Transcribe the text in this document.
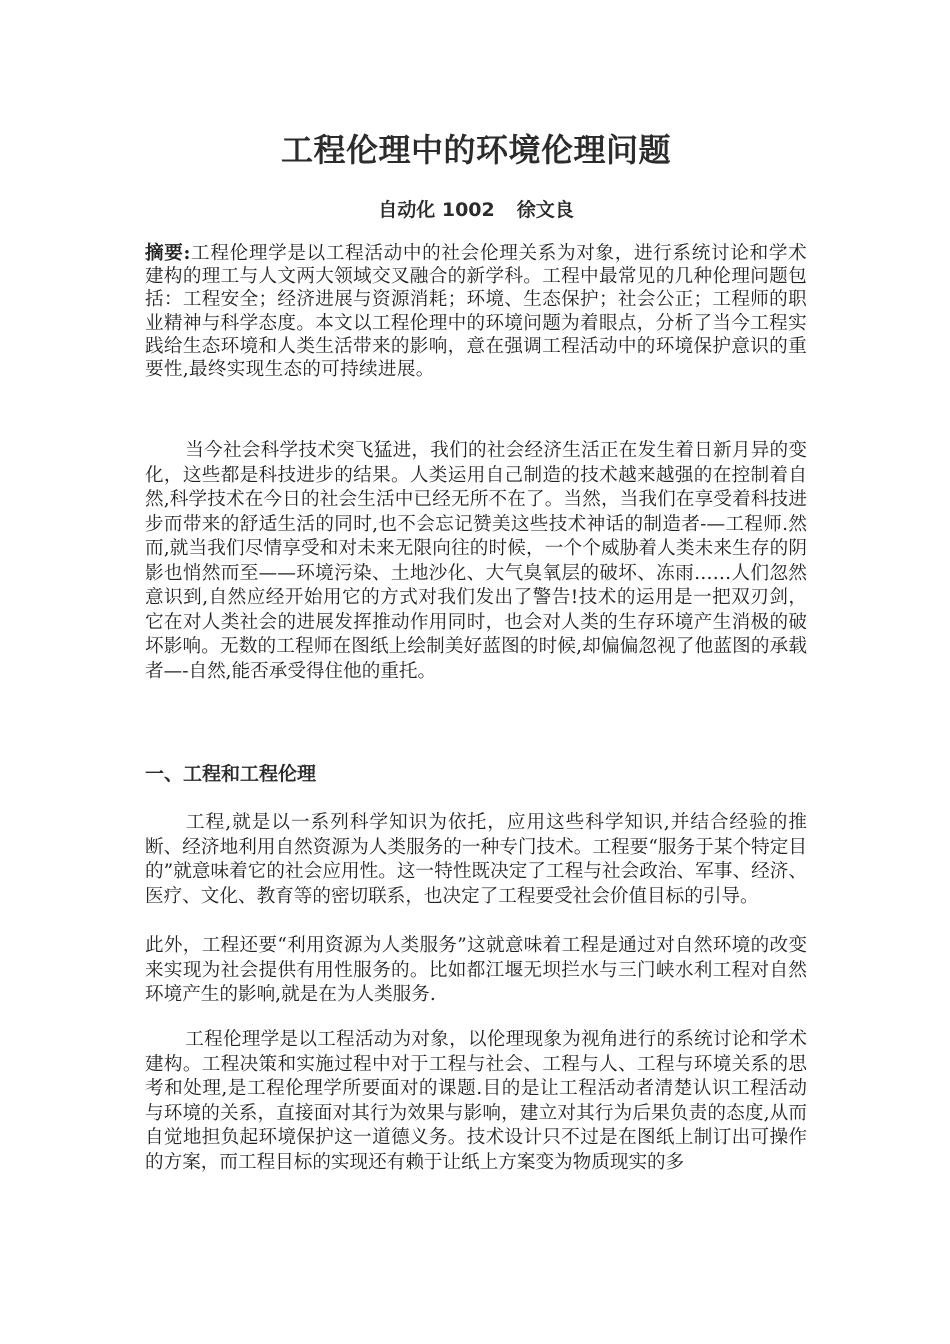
工程伦理中的环境伦理问题
自动化 1002 徐文良
摘要:工程伦理学是以工程活动中的社会伦理关系为对象，进行系统讨论和学术建构的理工与人文两大领域交叉融合的新学科。工程中最常见的几种伦理问题包括：工程安全；经济进展与资源消耗；环境、生态保护；社会公正；工程师的职业精神与科学态度。本文以工程伦理中的环境问题为着眼点，分析了当今工程实践给生态环境和人类生活带来的影响，意在强调工程活动中的环境保护意识的重要性,最终实现生态的可持续进展。
当今社会科学技术突飞猛进，我们的社会经济生活正在发生着日新月异的变化，这些都是科技进步的结果。人类运用自己制造的技术越来越强的在控制着自然,科学技术在今日的社会生活中已经无所不在了。当然，当我们在享受着科技进步而带来的舒适生活的同时,也不会忘记赞美这些技术神话的制造者-—工程师.然而,就当我们尽情享受和对未来无限向往的时候，一个个威胁着人类未来生存的阴影也悄然而至——环境污染、土地沙化、大气臭氧层的破坏、冻雨……人们忽然意识到,自然应经开始用它的方式对我们发出了警告!技术的运用是一把双刃剑，它在对人类社会的进展发挥推动作用同时，也会对人类的生存环境产生消极的破坏影响。无数的工程师在图纸上绘制美好蓝图的时候,却偏偏忽视了他蓝图的承载者—-自然,能否承受得住他的重托。
一、工程和工程伦理
工程,就是以一系列科学知识为依托，应用这些科学知识,并结合经验的推断、经济地利用自然资源为人类服务的一种专门技术。工程要“服务于某个特定目的”就意味着它的社会应用性。这一特性既决定了工程与社会政治、军事、经济、医疗、文化、教育等的密切联系，也决定了工程要受社会价值目标的引导。
此外，工程还要“利用资源为人类服务”这就意味着工程是通过对自然环境的改变来实现为社会提供有用性服务的。比如都江堰无坝拦水与三门峡水利工程对自然环境产生的影响,就是在为人类服务.
工程伦理学是以工程活动为对象，以伦理现象为视角进行的系统讨论和学术建构。工程决策和实施过程中对于工程与社会、工程与人、工程与环境关系的思考和处理,是工程伦理学所要面对的课题.目的是让工程活动者清楚认识工程活动与环境的关系，直接面对其行为效果与影响，建立对其行为后果负责的态度,从而自觉地担负起环境保护这一道德义务。技术设计只不过是在图纸上制订出可操作的方案，而工程目标的实现还有赖于让纸上方案变为物质现实的多
